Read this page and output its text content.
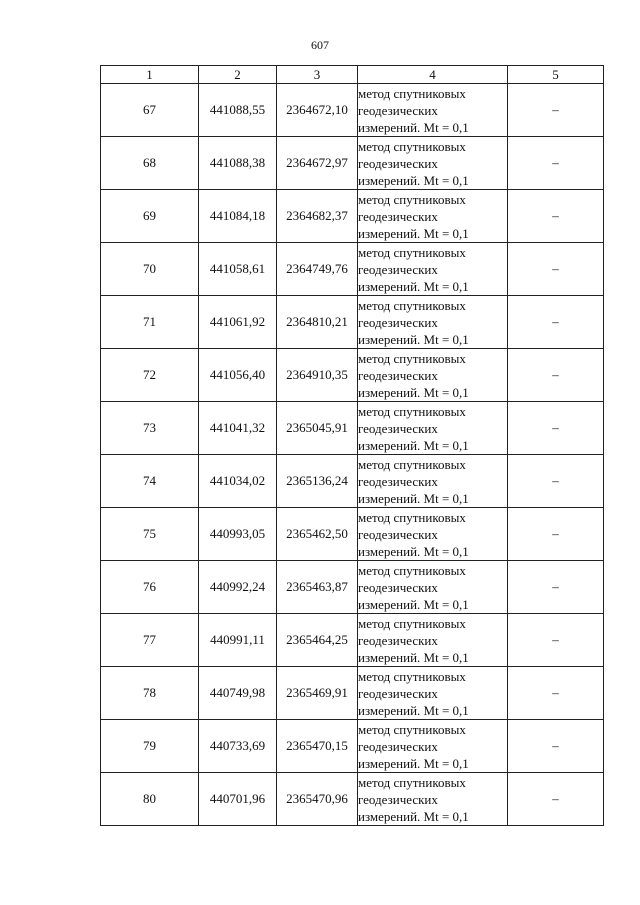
607
1	2	3	4	5
67	441088,55	2364672,10	метод спутниковых
геодезических
измерений. Mt = 0,1	–
68	441088,38	2364672,97	метод спутниковых
геодезических
измерений. Mt = 0,1	–
69	441084,18	2364682,37	метод спутниковых
геодезических
измерений. Mt = 0,1	–
70	441058,61	2364749,76	метод спутниковых
геодезических
измерений. Mt = 0,1	–
71	441061,92	2364810,21	метод спутниковых
геодезических
измерений. Mt = 0,1	–
72	441056,40	2364910,35	метод спутниковых
геодезических
измерений. Mt = 0,1	–
73	441041,32	2365045,91	метод спутниковых
геодезических
измерений. Mt = 0,1	–
74	441034,02	2365136,24	метод спутниковых
геодезических
измерений. Mt = 0,1	–
75	440993,05	2365462,50	метод спутниковых
геодезических
измерений. Mt = 0,1	–
76	440992,24	2365463,87	метод спутниковых
геодезических
измерений. Mt = 0,1	–
77	440991,11	2365464,25	метод спутниковых
геодезических
измерений. Mt = 0,1	–
78	440749,98	2365469,91	метод спутниковых
геодезических
измерений. Mt = 0,1	–
79	440733,69	2365470,15	метод спутниковых
геодезических
измерений. Mt = 0,1	–
80	440701,96	2365470,96	метод спутниковых
геодезических
измерений. Mt = 0,1	–
